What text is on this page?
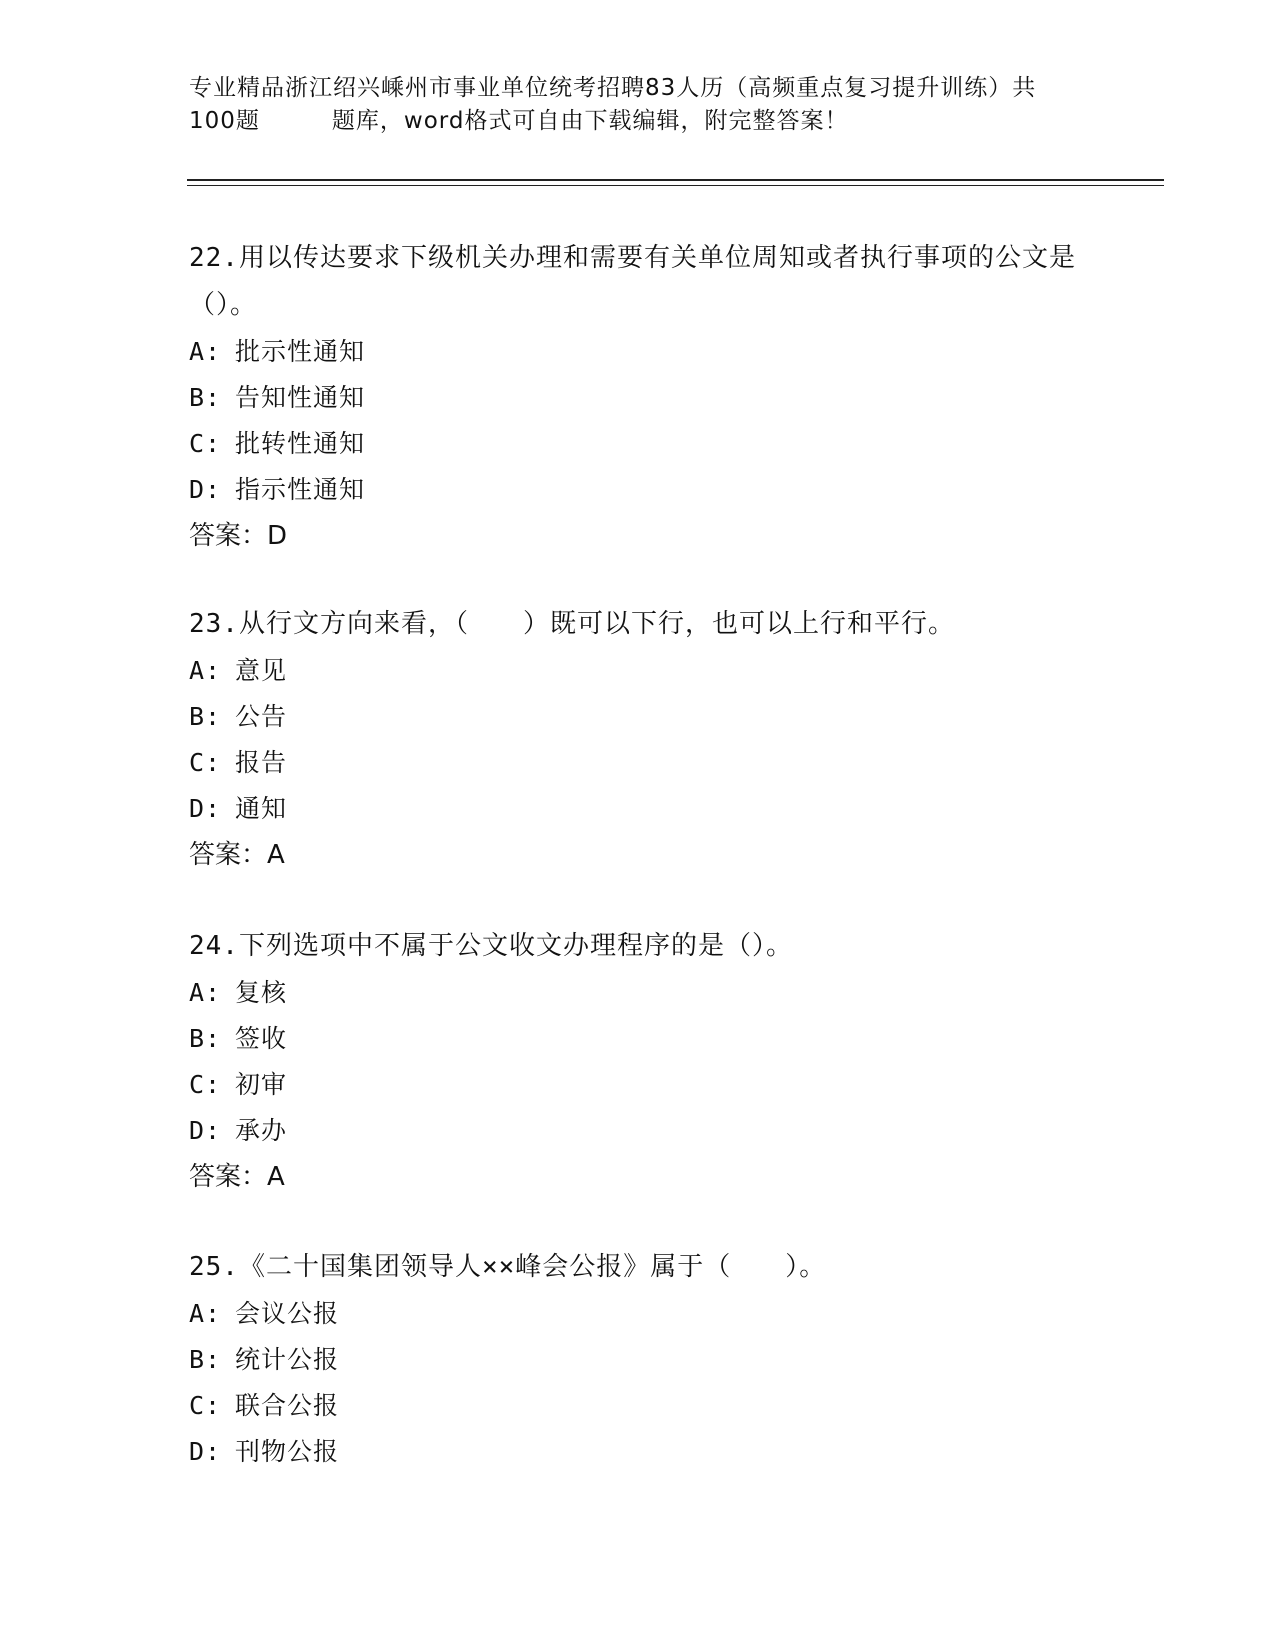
专业精品浙江绍兴嵊州市事业单位统考招聘83人历（高频重点复习提升训练）共
100题	题库，word格式可自由下载编辑，附完整答案！

22.用以传达要求下级机关办理和需要有关单位周知或者执行事项的公文是（）。

A: 批示性通知

B: 告知性通知

C: 批转性通知

D: 指示性通知

答案：D

23.从行文方向来看，（　　）既可以下行，也可以上行和平行。

A: 意见

B: 公告

C: 报告

D: 通知

答案：A

24.下列选项中不属于公文收文办理程序的是（）。

A: 复核

B: 签收

C: 初审

D: 承办

答案：A

25.《二十国集团领导人××峰会公报》属于（　　）。

A: 会议公报

B: 统计公报

C: 联合公报

D: 刊物公报
